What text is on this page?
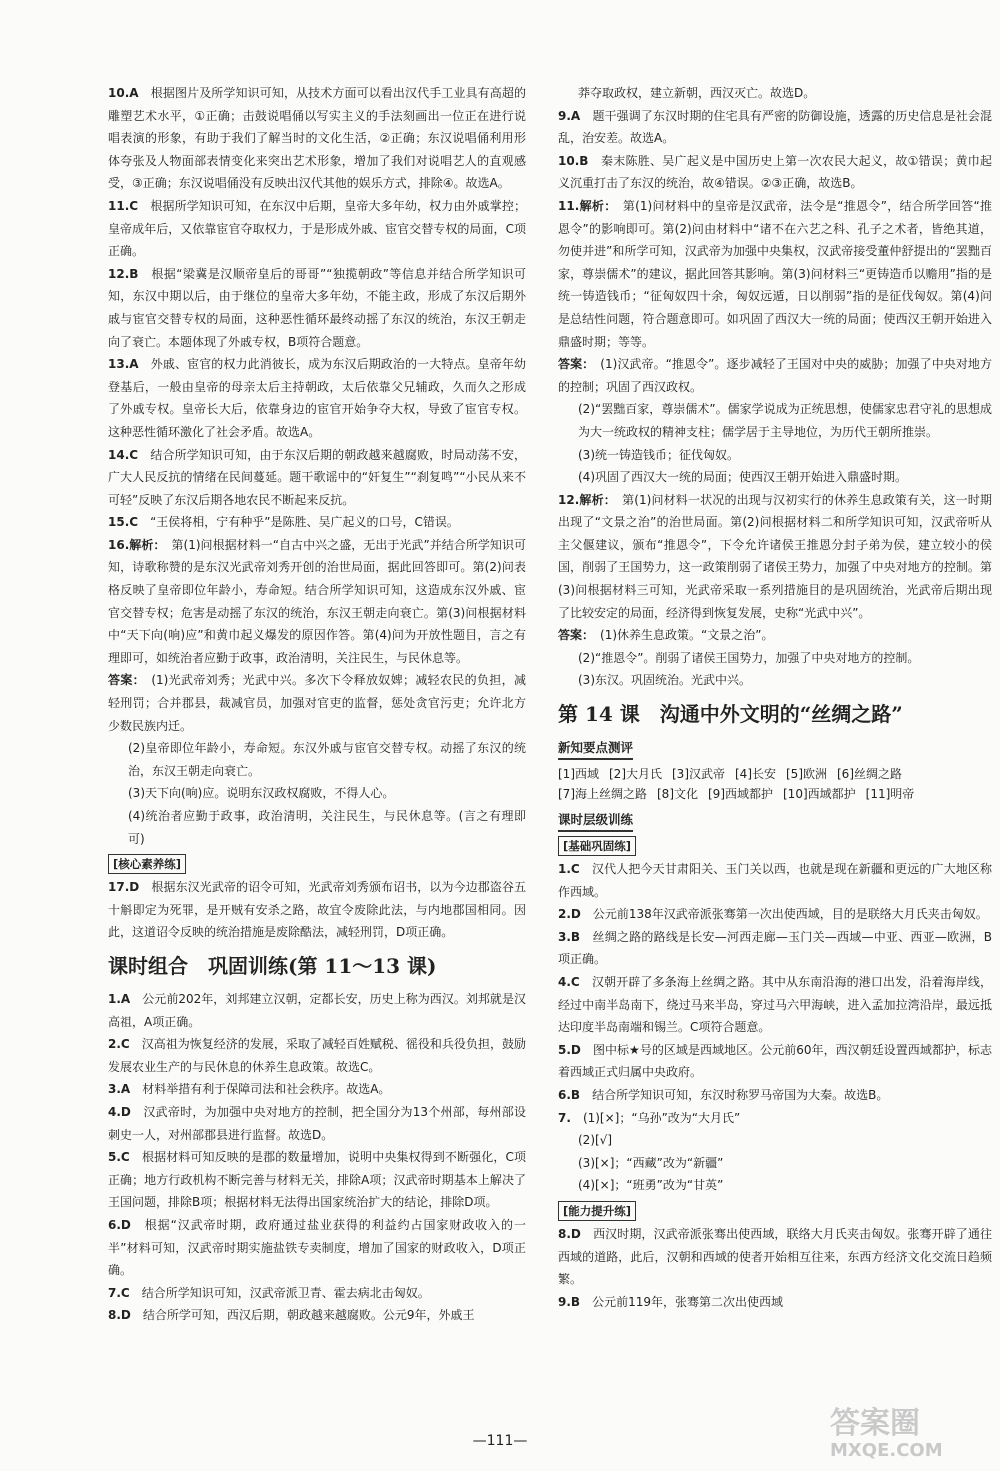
10.A　 根据图片及所学知识可知，从技术方面可以看出汉代手工业具有高超的雕塑艺术水平，①正确；击鼓说唱俑以写实主义的手法刻画出一位正在进行说唱表演的形象，有助于我们了解当时的文化生活，②正确；东汉说唱俑利用形体夸张及人物面部表情变化来突出艺术形象，增加了我们对说唱艺人的直观感受，③正确；东汉说唱俑没有反映出汉代其他的娱乐方式，排除④。故选A。

11.C　 根据所学知识可知，在东汉中后期，皇帝大多年幼，权力由外戚掌控；皇帝成年后，又依靠宦官夺取权力，于是形成外戚、宦官交替专权的局面，C项正确。

12.B　 根据“梁冀是汉顺帝皇后的哥哥”“独揽朝政”等信息并结合所学知识可知，东汉中期以后，由于继位的皇帝大多年幼，不能主政，形成了东汉后期外戚与宦官交替专权的局面，这种恶性循环最终动摇了东汉的统治，东汉王朝走向了衰亡。本题体现了外戚专权，B项符合题意。

13.A　 外戚、宦官的权力此消彼长，成为东汉后期政治的一大特点。皇帝年幼登基后，一般由皇帝的母亲太后主持朝政，太后依靠父兄辅政，久而久之形成了外戚专权。皇帝长大后，依靠身边的宦官开始争夺大权，导致了宦官专权。这种恶性循环激化了社会矛盾。故选A。

14.C　 结合所学知识可知，由于东汉后期的朝政越来越腐败，时局动荡不安，广大人民反抗的情绪在民间蔓延。题干歌谣中的“奸复生”“刹复鸣”“小民从来不可轻”反映了东汉后期各地农民不断起来反抗。

15.C　 “王侯将相，宁有种乎”是陈胜、吴广起义的口号，C错误。

16.解析：　 第(1)问根据材料一“自古中兴之盛，无出于光武”并结合所学知识可知，诗歌称赞的是东汉光武帝刘秀开创的治世局面，据此回答即可。第(2)问表格反映了皇帝即位年龄小，寿命短。结合所学知识可知，这造成东汉外戚、宦官交替专权；危害是动摇了东汉的统治，东汉王朝走向衰亡。第(3)问根据材料中“天下向(响)应”和黄巾起义爆发的原因作答。第(4)问为开放性题目，言之有理即可，如统治者应勤于政事，政治清明，关注民生，与民休息等。

答案：　 (1)光武帝刘秀；光武中兴。多次下令释放奴婢；减轻农民的负担，减轻刑罚；合并郡县，裁减官员，加强对官吏的监督，惩处贪官污吏；允许北方少数民族内迁。

(2)皇帝即位年龄小，寿命短。东汉外戚与宦官交替专权。动摇了东汉的统治，东汉王朝走向衰亡。

(3)天下向(响)应。说明东汉政权腐败，不得人心。

(4)统治者应勤于政事，政治清明，关注民生，与民休息等。(言之有理即可)

[核心素养练]

17.D　 根据东汉光武帝的诏令可知，光武帝刘秀颁布诏书，以为今边郡盗谷五十斛即定为死罪，是开贼有安杀之路，故宜令废除此法，与内地郡国相同。因此，这道诏令反映的统治措施是废除酷法，减轻刑罚，D项正确。

课时组合　巩固训练(第 11～13 课)

1.A　 公元前202年，刘邦建立汉朝，定都长安，历史上称为西汉。刘邦就是汉高祖，A项正确。

2.C　 汉高祖为恢复经济的发展，采取了减轻百姓赋税、徭役和兵役负担，鼓励发展农业生产的与民休息的休养生息政策。故选C。

3.A　 材料举措有利于保障司法和社会秩序。故选A。

4.D　 汉武帝时，为加强中央对地方的控制，把全国分为13个州部，每州部设刺史一人，对州部郡县进行监督。故选D。

5.C　 根据材料可知反映的是郡的数量增加，说明中央集权得到不断强化，C项正确；地方行政机构不断完善与材料无关，排除A项；汉武帝时期基本上解决了王国问题，排除B项；根据材料无法得出国家统治扩大的结论，排除D项。

6.D　 根据“汉武帝时期，政府通过盐业获得的利益约占国家财政收入的一半”材料可知，汉武帝时期实施盐铁专卖制度，增加了国家的财政收入，D项正确。

7.C　 结合所学知识可知，汉武帝派卫青、霍去病北击匈奴。

8.D　 结合所学可知，西汉后期，朝政越来越腐败。公元9年，外戚王

莽夺取政权，建立新朝，西汉灭亡。故选D。

9.A　 题干强调了东汉时期的住宅具有严密的防御设施，透露的历史信息是社会混乱，治安差。故选A。

10.B　 秦末陈胜、吴广起义是中国历史上第一次农民大起义，故①错误；黄巾起义沉重打击了东汉的统治，故④错误。②③正确，故选B。

11.解析：　 第(1)问材料中的皇帝是汉武帝，法令是“推恩令”，结合所学回答“推恩令”的影响即可。第(2)问由材料中“诸不在六艺之科、孔子之术者，皆绝其道，勿使并进”和所学可知，汉武帝为加强中央集权，汉武帝接受董仲舒提出的“罢黜百家，尊崇儒术”的建议，据此回答其影响。第(3)问材料三“更铸造币以赡用”指的是统一铸造钱币；“征匈奴四十余，匈奴远遁，日以削弱”指的是征伐匈奴。第(4)问是总结性问题，符合题意即可。如巩固了西汉大一统的局面；使西汉王朝开始进入鼎盛时期；等等。

答案：　 (1)汉武帝。“推恩令”。逐步减轻了王国对中央的威胁；加强了中央对地方的控制；巩固了西汉政权。

(2)“罢黜百家，尊崇儒术”。儒家学说成为正统思想，使儒家忠君守礼的思想成为大一统政权的精神支柱；儒学居于主导地位，为历代王朝所推崇。

(3)统一铸造钱币；征伐匈奴。

(4)巩固了西汉大一统的局面；使西汉王朝开始进入鼎盛时期。

12.解析：　 第(1)问材料一状况的出现与汉初实行的休养生息政策有关，这一时期出现了“文景之治”的治世局面。第(2)问根据材料二和所学知识可知，汉武帝听从主父偃建议，颁布“推恩令”，下令允许诸侯王推恩分封子弟为侯，建立较小的侯国，削弱了王国势力，这一政策削弱了诸侯王势力，加强了中央对地方的控制。第(3)问根据材料三可知，光武帝采取一系列措施目的是巩固统治，光武帝后期出现了比较安定的局面，经济得到恢复发展，史称“光武中兴”。

答案：　 (1)休养生息政策。“文景之治”。

(2)“推恩令”。削弱了诸侯王国势力，加强了中央对地方的控制。

(3)东汉。巩固统治。光武中兴。

第 14 课　沟通中外文明的“丝绸之路”
新知要点测评
[1]西域 [2]大月氏 [3]汉武帝 [4]长安 [5]欧洲 [6]丝绸之路
[7]海上丝绸之路 [8]文化 [9]西域都护 [10]西域都护 [11]明帝
课时层级训练
[基础巩固练]

1.C　 汉代人把今天甘肃阳关、玉门关以西，也就是现在新疆和更远的广大地区称作西域。

2.D　 公元前138年汉武帝派张骞第一次出使西域，目的是联络大月氏夹击匈奴。

3.B　 丝绸之路的路线是长安—河西走廊—玉门关—西域—中亚、西亚—欧洲，B项正确。

4.C　 汉朝开辟了多条海上丝绸之路。其中从东南沿海的港口出发，沿着海岸线，经过中南半岛南下，绕过马来半岛，穿过马六甲海峡，进入孟加拉湾沿岸，最远抵达印度半岛南端和锡兰。C项符合题意。

5.D　 图中标★号的区域是西域地区。公元前60年，西汉朝廷设置西域都护，标志着西域正式归属中央政府。

6.B　 结合所学知识可知，东汉时称罗马帝国为大秦。故选B。

7.　 (1)[×]；“乌孙”改为“大月氏”

(2)[√]

(3)[×]；“西藏”改为“新疆”

(4)[×]；“班勇”改为“甘英”

[能力提升练]

8.D　 西汉时期，汉武帝派张骞出使西域，联络大月氏夹击匈奴。张骞开辟了通往西域的道路，此后，汉朝和西域的使者开始相互往来，东西方经济文化交流日趋频繁。

9.B　 公元前119年，张骞第二次出使西域

—111—	答案圈
MXQE.COM
